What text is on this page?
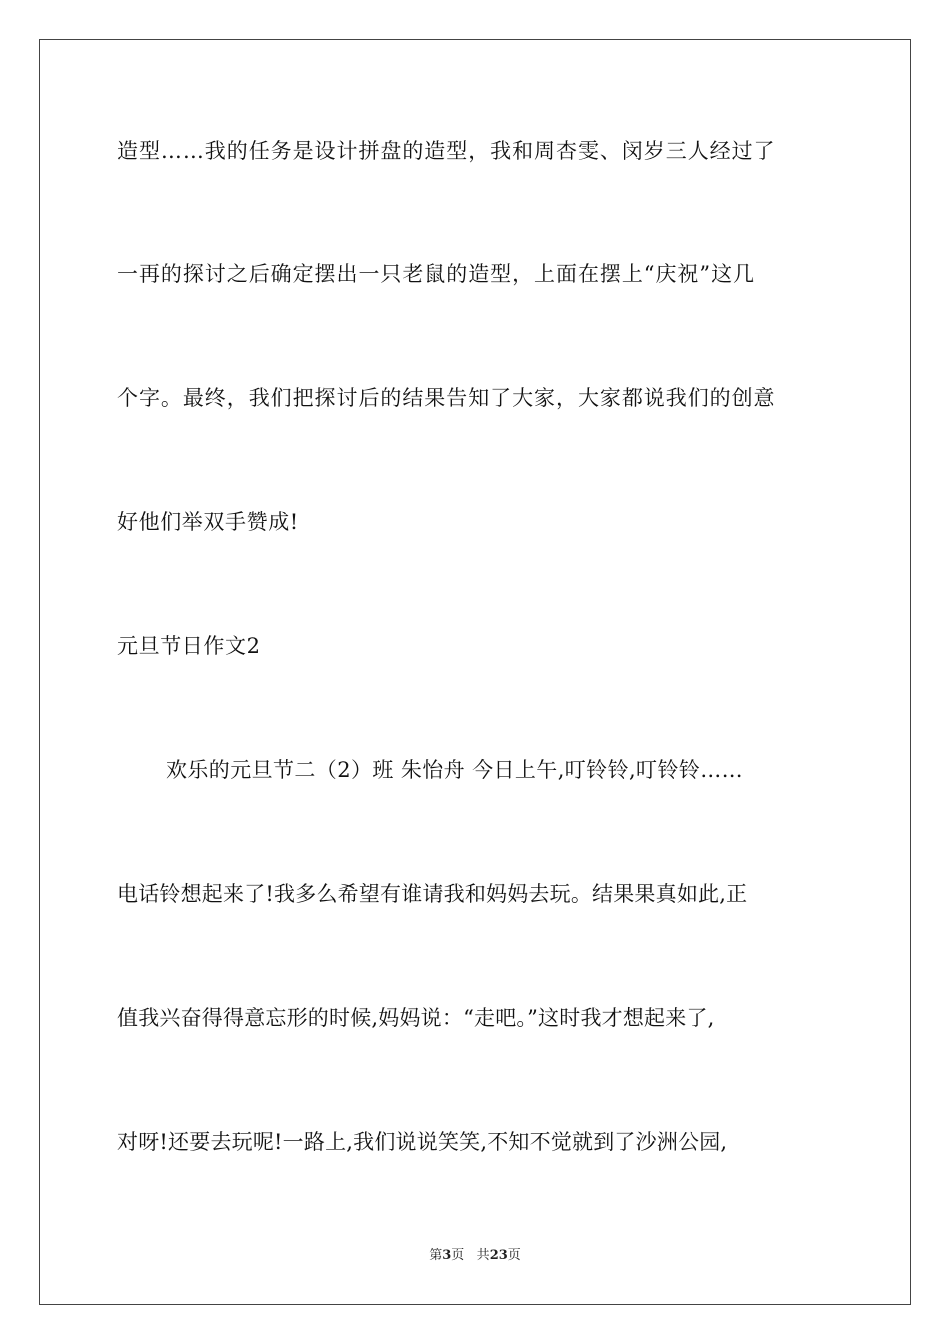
造型……我的任务是设计拼盘的造型，我和周杏雯、闵岁三人经过了
一再的探讨之后确定摆出一只老鼠的造型，上面在摆上“庆祝”这几
个字。最终，我们把探讨后的结果告知了大家，大家都说我们的创意
好他们举双手赞成!
元旦节日作文2
欢乐的元旦节二（2）班 朱怡舟 今日上午,叮铃铃,叮铃铃……
电话铃想起来了!我多么希望有谁请我和妈妈去玩。结果果真如此,正
值我兴奋得得意忘形的时候,妈妈说：“走吧。”这时我才想起来了,
对呀!还要去玩呢!一路上,我们说说笑笑,不知不觉就到了沙洲公园,
第3页 共23页
